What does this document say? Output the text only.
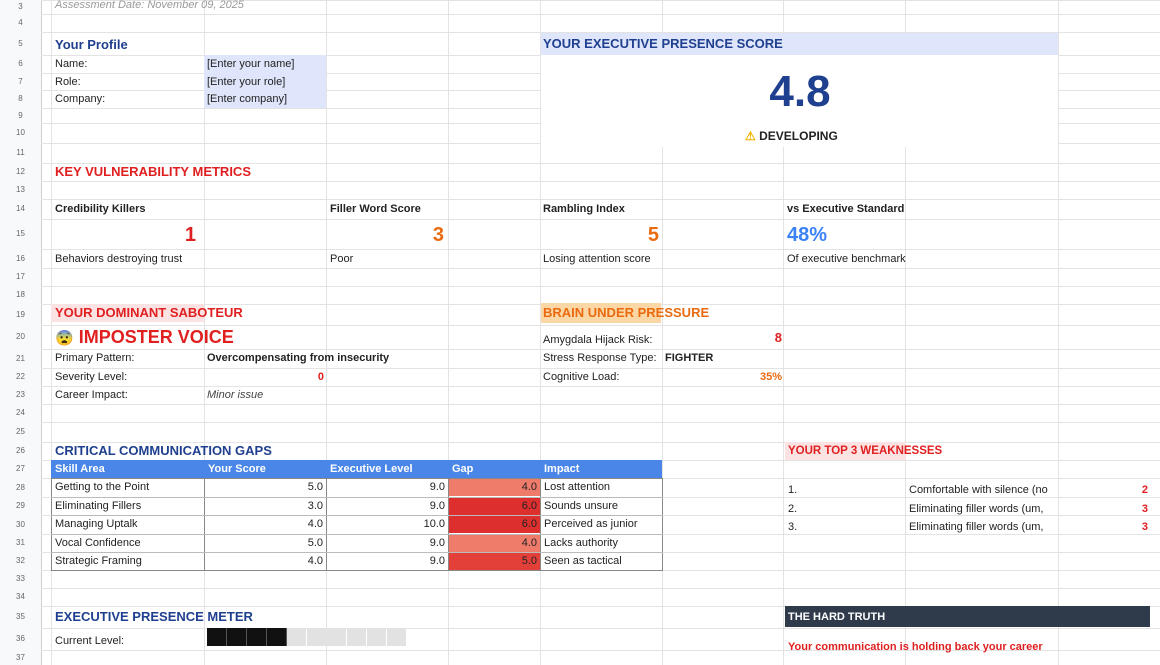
3
4
5
6
7
8
9
10
11
12
13
14
15
16
17
18
19
20
21
22
23
24
25
26
27
28
29
30
31
32
33
34
35
36
37
Assessment Date: November 09, 2025
Your Profile
Name:	[Enter your name]
Role:	[Enter your role]
Company:	[Enter company]
YOUR EXECUTIVE PRESENCE SCORE
4.8
⚠ DEVELOPING
KEY VULNERABILITY METRICS
Credibility Killers
1
Behaviors destroying trust
Filler Word Score
3
Poor
Rambling Index
5
Losing attention score
vs Executive Standard
48%
Of executive benchmark
YOUR DOMINANT SABOTEUR
😨 IMPOSTER VOICE
Primary Pattern:	Overcompensating from insecurity
Severity Level:	0
Career Impact:	Minor issue
BRAIN UNDER PRESSURE
Amygdala Hijack Risk:	8
Stress Response Type: FIGHTER
Cognitive Load:	35%
CRITICAL COMMUNICATION GAPS
Skill Area	Your Score	Executive Level	Gap	Impact
Getting to the Point	5.0	9.0	4.0 Lost attention
Eliminating Fillers	3.0	9.0	6.0 Sounds unsure
Managing Uptalk	4.0	10.0	6.0 Perceived as junior
Vocal Confidence	5.0	9.0	4.0 Lacks authority
Strategic Framing	4.0	9.0	5.0 Seen as tactical
YOUR TOP 3 WEAKNESSES
1.	Comfortable with silence (no	2
2.	Eliminating filler words (um,	3
3.	Eliminating filler words (um,	3
EXECUTIVE PRESENCE METER
Current Level:
THE HARD TRUTH
Your communication is holding back your career
